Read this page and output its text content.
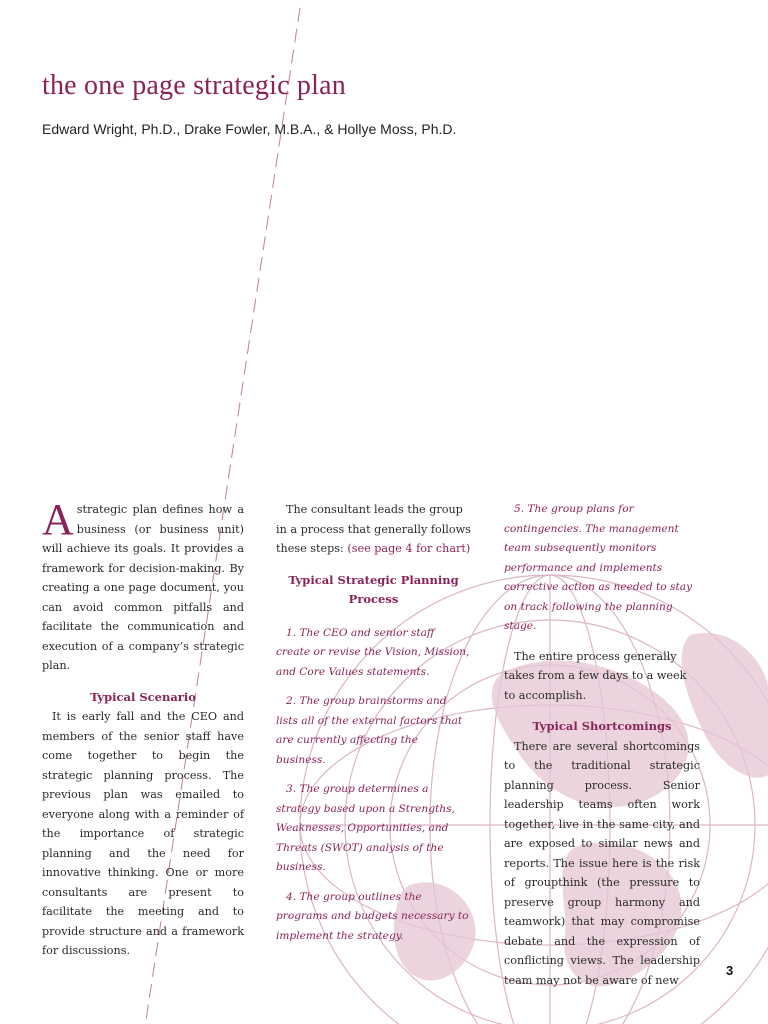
the one page strategic plan
Edward Wright, Ph.D., Drake Fowler, M.B.A., & Hollye Moss, Ph.D.

Astrategic plan defines how a business (or business unit) will achieve its goals. It provides a framework for decision-making. By creating a one page document, you can avoid common pitfalls and facilitate the communication and execution of a company’s strategic plan.

Typical Scenario

It is early fall and the CEO and members of the senior staff have come together to begin the strategic planning process. The previous plan was emailed to everyone along with a reminder of the importance of strategic planning and the need for innovative thinking. One or more consultants are present to facilitate the meeting and to provide structure and a framework for discussions.

The consultant leads the group in a process that generally follows these steps: (see page 4 for chart)

Typical Strategic Planning Process

1. The CEO and senior staff create or revise the Vision, Mission, and Core Values statements.

2. The group brainstorms and lists all of the external factors that are currently affecting the business.

3. The group determines a strategy based upon a Strengths, Weaknesses, Opportunities, and Threats (SWOT) analysis of the business.

4. The group outlines the programs and budgets necessary to implement the strategy.

5. The group plans for contingencies. The management team subsequently monitors performance and implements corrective action as needed to stay on track following the planning stage.

The entire process generally takes from a few days to a week to accomplish.

Typical Shortcomings

There are several shortcomings to the traditional strategic planning process. Senior leadership teams often work together, live in the same city, and are exposed to similar news and reports. The issue here is the risk of groupthink (the pressure to preserve group harmony and teamwork) that may compromise debate and the expression of conflicting views. The leadership team may not be aware of new

3
